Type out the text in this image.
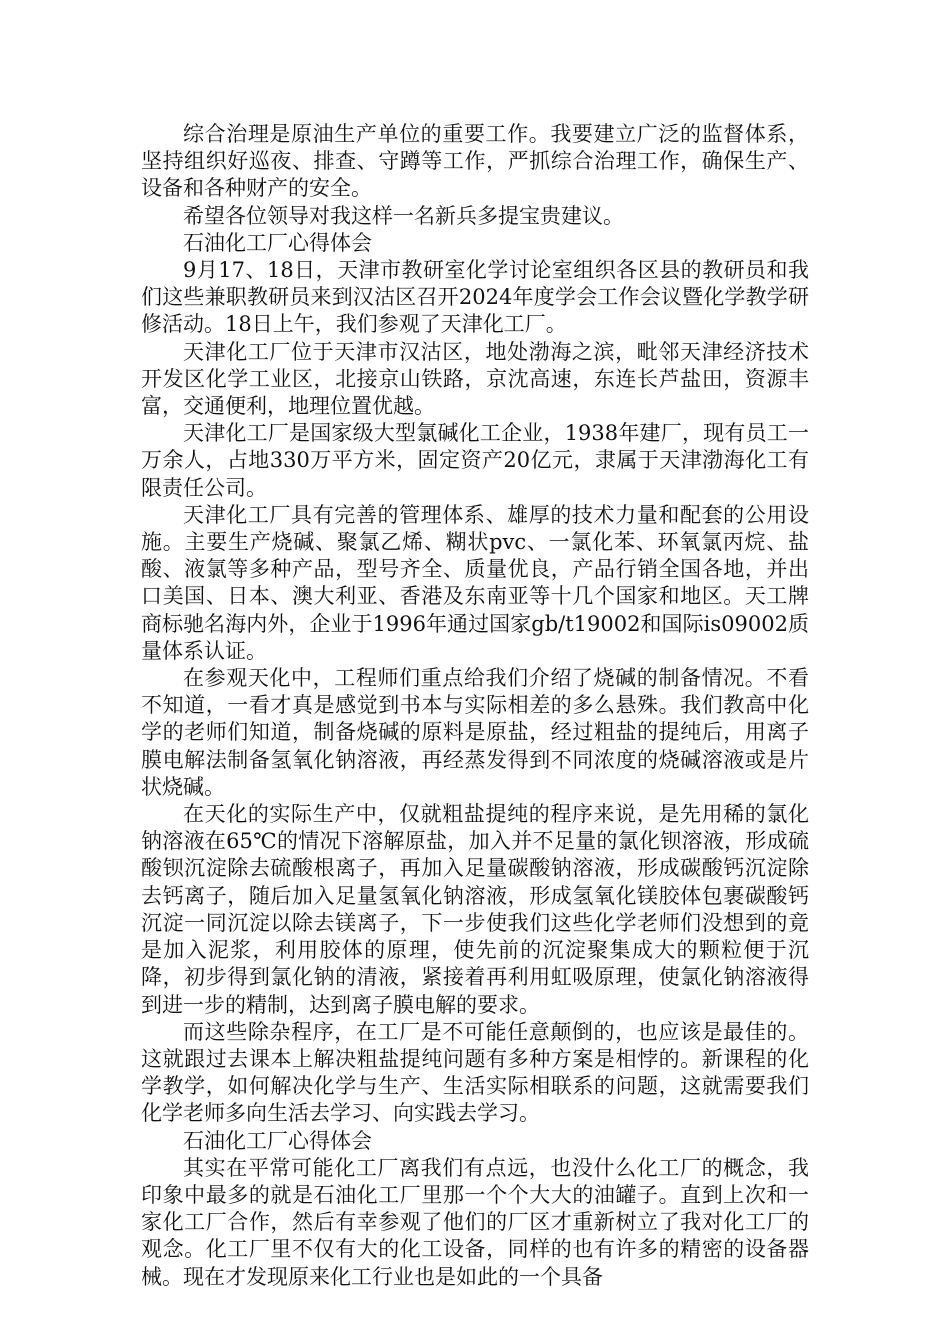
综合治理是原油生产单位的重要工作。我要建立广泛的监督体系，坚持组织好巡夜、排查、守蹲等工作，严抓综合治理工作，确保生产、设备和各种财产的安全。

希望各位领导对我这样一名新兵多提宝贵建议。

石油化工厂心得体会

9月17、18日，天津市教研室化学讨论室组织各区县的教研员和我们这些兼职教研员来到汉沽区召开2024年度学会工作会议暨化学教学研修活动。18日上午，我们参观了天津化工厂。

天津化工厂位于天津市汉沽区，地处渤海之滨，毗邻天津经济技术开发区化学工业区，北接京山铁路，京沈高速，东连长芦盐田，资源丰富，交通便利，地理位置优越。

天津化工厂是国家级大型氯碱化工企业，1938年建厂，现有员工一万余人，占地330万平方米，固定资产20亿元，隶属于天津渤海化工有限责任公司。

天津化工厂具有完善的管理体系、雄厚的技术力量和配套的公用设施。主要生产烧碱、聚氯乙烯、糊状pvc、一氯化苯、环氧氯丙烷、盐酸、液氯等多种产品，型号齐全、质量优良，产品行销全国各地，并出口美国、日本、澳大利亚、香港及东南亚等十几个国家和地区。天工牌商标驰名海内外，企业于1996年通过国家gb/t19002和国际is09002质量体系认证。

在参观天化中，工程师们重点给我们介绍了烧碱的制备情况。不看不知道，一看才真是感觉到书本与实际相差的多么悬殊。我们教高中化学的老师们知道，制备烧碱的原料是原盐，经过粗盐的提纯后，用离子膜电解法制备氢氧化钠溶液，再经蒸发得到不同浓度的烧碱溶液或是片状烧碱。

在天化的实际生产中，仅就粗盐提纯的程序来说，是先用稀的氯化钠溶液在65℃的情况下溶解原盐，加入并不足量的氯化钡溶液，形成硫酸钡沉淀除去硫酸根离子，再加入足量碳酸钠溶液，形成碳酸钙沉淀除去钙离子，随后加入足量氢氧化钠溶液，形成氢氧化镁胶体包裹碳酸钙沉淀一同沉淀以除去镁离子，下一步使我们这些化学老师们没想到的竟是加入泥浆，利用胶体的原理，使先前的沉淀聚集成大的颗粒便于沉降，初步得到氯化钠的清液，紧接着再利用虹吸原理，使氯化钠溶液得到进一步的精制，达到离子膜电解的要求。

而这些除杂程序，在工厂是不可能任意颠倒的，也应该是最佳的。这就跟过去课本上解决粗盐提纯问题有多种方案是相悖的。新课程的化学教学，如何解决化学与生产、生活实际相联系的问题，这就需要我们化学老师多向生活去学习、向实践去学习。

石油化工厂心得体会

其实在平常可能化工厂离我们有点远，也没什么化工厂的概念，我印象中最多的就是石油化工厂里那一个个大大的油罐子。直到上次和一家化工厂合作，然后有幸参观了他们的厂区才重新树立了我对化工厂的观念。化工厂里不仅有大的化工设备，同样的也有许多的精密的设备器械。现在才发现原来化工行业也是如此的一个具备
